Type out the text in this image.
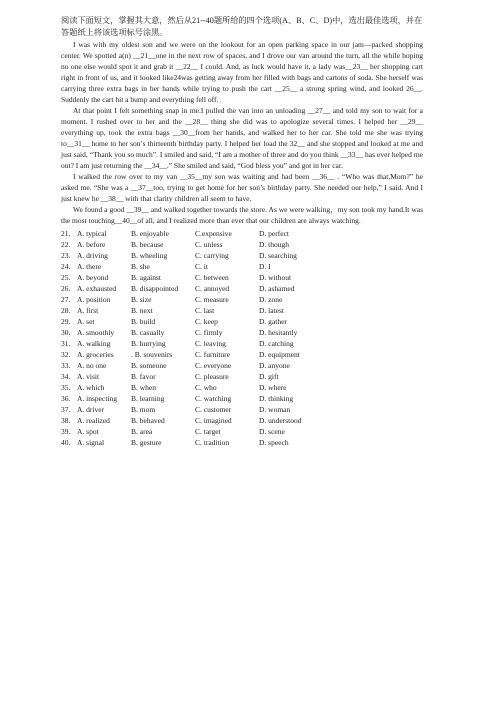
阅读下面短文，掌握其大意，然后从21--40题所给的四个选项(A、B、C、D)中，选出最佳选项，并在答题纸上将该选项标号涂黑。

I was with my oldest son and we were on the lookout for an open parking space in our jam—packed shopping center. We spotted a(n) __21__one in the next row of spaces, and I drove our van around the turn, all the while hoping no one else would spot it and grab it __22__ I could. And, as luck would have it, a lady was__23__ her shopping cart right in front of us, and it looked like24was getting away from her filled with bags and cartons of soda. She herself was carrying three extra bags in her hands while trying to push the cart __25__ a strong spring wind, and looked 26__. Suddenly the cart hit a bump and everything fell off.

At that point I felt something snap in me.I pulled the van into an unloading __27__ and told my son to wait for a moment. I rushed over to her and the __28__ thing she did was to apologize several times. I helped her __29__ everything up, took the extra bags __30__from her hands, and walked her to her car. She told me she was trying to__31__ home to her son’s thirteenth birthday party. I helped her load the 32__ and she stopped and looked at me and just said, “Thank you so much”. I smiled and said, “I am a mother of three and do you think __33__ has ever helped me out? I am just returning the __34__.” She smiled and said, “God bless you” and got in her car.

I walked the row over to my van __35__my son was waiting and had been __36__ . “Who was that,Mom?” he asked me. “She was a __37__too, trying to get home for her son’s birthday party. She needed our help,” I said. And I just knew he __38__ with that clarity children all seem to have.

We found a good __39__ and walked together towards the store. As we were walking，my son took my hand.It was the most touching__40__of all, and I realized more than ever that our children are always watching.

21. A. typical	B. enjoyable	C.expensive	D. perfect
22. A. before	B. because	C. unless	D. though
23. A. driving	B. wheeling	C. carrying	D. searching
24. A. there	B. she	C. it	D. I
25. A. beyond	B. against	C. between	D. without
26. A. exhausted	B. disappointed	C. annoyed	D. ashamed
27. A. position	B. size	C. measure	D. zone
28. A. first	B. next	C. last	D. latest
29. A. set	B. build	C. keep	D. gather
30. A. smoothly	B. casually	C. firmly	D. hesitantly
31. A. walking	B. hurrying	C. leaving	D. catching
32. A. groceries	. B. souvenirs	C. furniture	D. equipment
33. A. no one	B. someone	C. everyone	D. anyone
34. A. visit	B. favor	C. pleasure	D. gift
35. A. which	B. when	C. who	D. where
36. A. inspecting	B. learning	C. watching	D. thinking
37. A. driver	B. mom	C. customer	D. woman
38. A. realized	B. behaved	C. imagined	D. understood
39. A. spot	B. area	C. target	D. scene
40. A. signal	B. gesture	C. tradition	D. speech
